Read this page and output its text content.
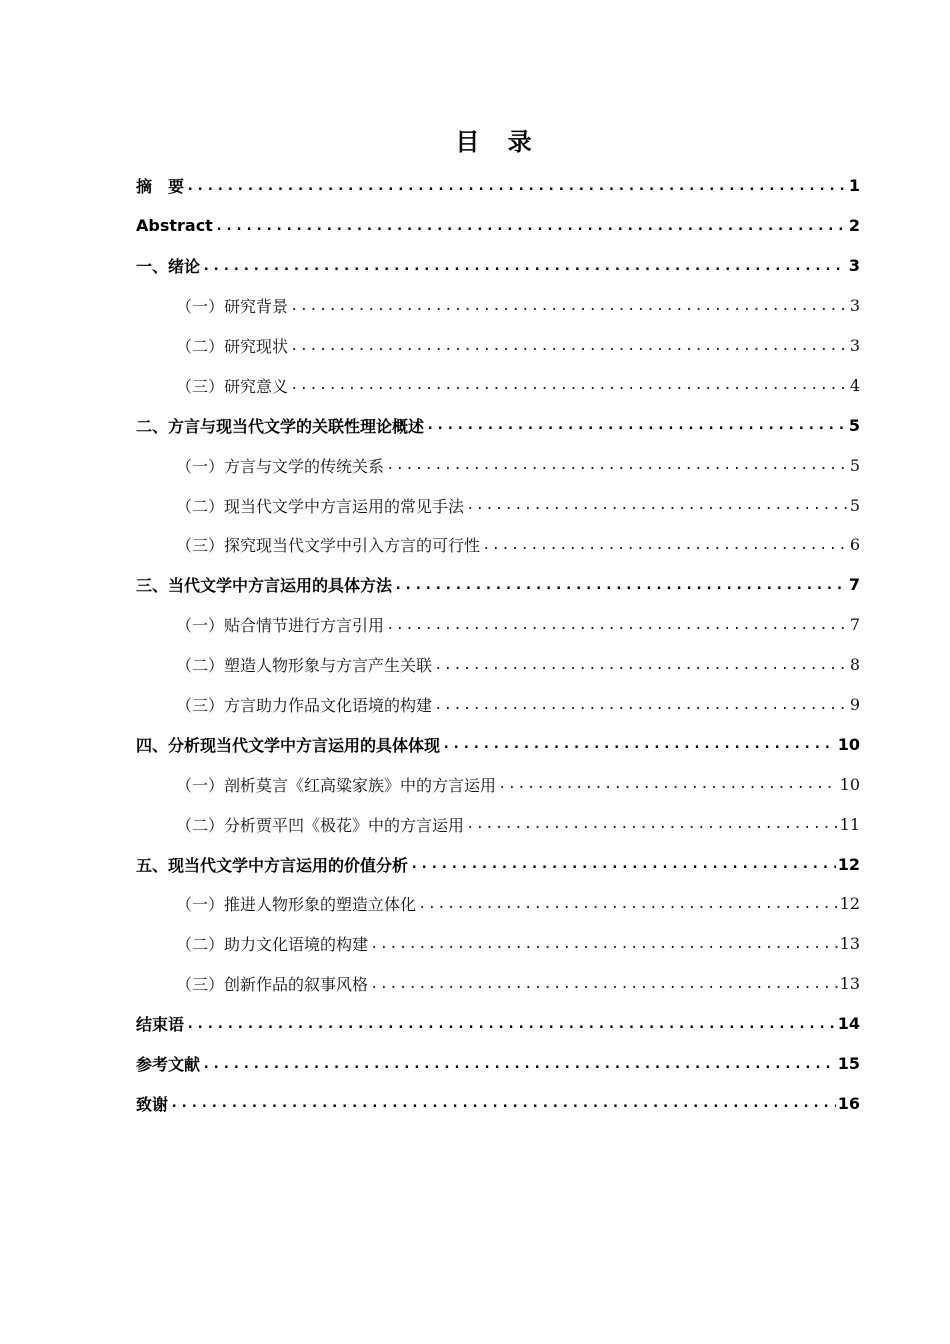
目 录
摘　要 .....	1
Abstract .....	2
一、绪论 .....	3
（一）研究背景 .....	3
（二）研究现状 .....	3
（三）研究意义 .....	4
二、方言与现当代文学的关联性理论概述 .....	5
（一）方言与文学的传统关系 .....	5
（二）现当代文学中方言运用的常见手法 .....	5
（三）探究现当代文学中引入方言的可行性 .....	6
三、当代文学中方言运用的具体方法 .....	7
（一）贴合情节进行方言引用 .....	7
（二）塑造人物形象与方言产生关联 .....	8
（三）方言助力作品文化语境的构建 .....	9
四、分析现当代文学中方言运用的具体体现 .....	10
（一）剖析莫言《红高粱家族》中的方言运用 .....	10
（二）分析贾平凹《极花》中的方言运用 .....	11
五、现当代文学中方言运用的价值分析 .....	12
（一）推进人物形象的塑造立体化 .....	12
（二）助力文化语境的构建 .....	13
（三）创新作品的叙事风格 .....	13
结束语 .....	14
参考文献 .....	15
致谢 .....	16
